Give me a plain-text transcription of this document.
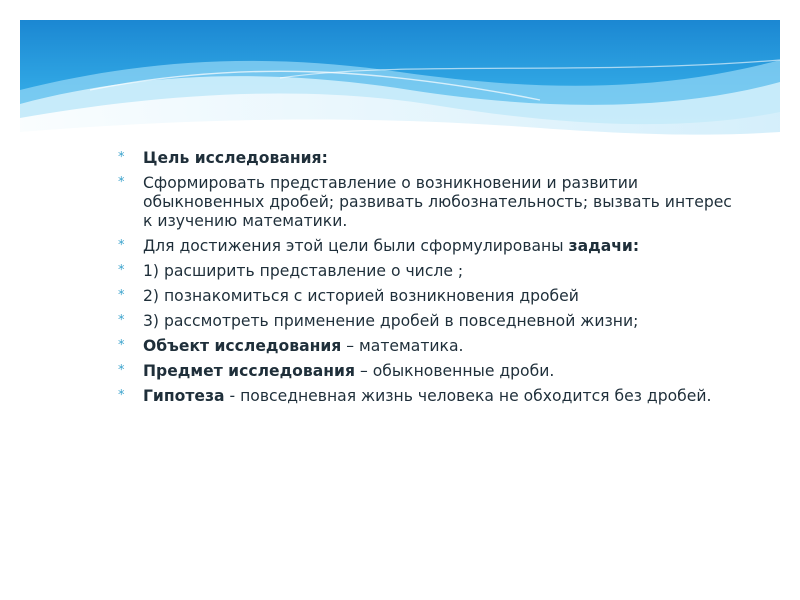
* Цель исследования:
* Сформировать представление о возникновении и развитии обыкновенных дробей; развивать любознательность; вызвать интерес к изучению математики.
* Для достижения этой цели были сформулированы задачи:
* 1) расширить представление о числе ;
* 2) познакомиться с историей возникновения дробей
* 3) рассмотреть применение дробей в повседневной жизни;
* Объект исследования – математика.
* Предмет исследования – обыкновенные дроби.
* Гипотеза - повседневная жизнь человека не обходится без дробей.
